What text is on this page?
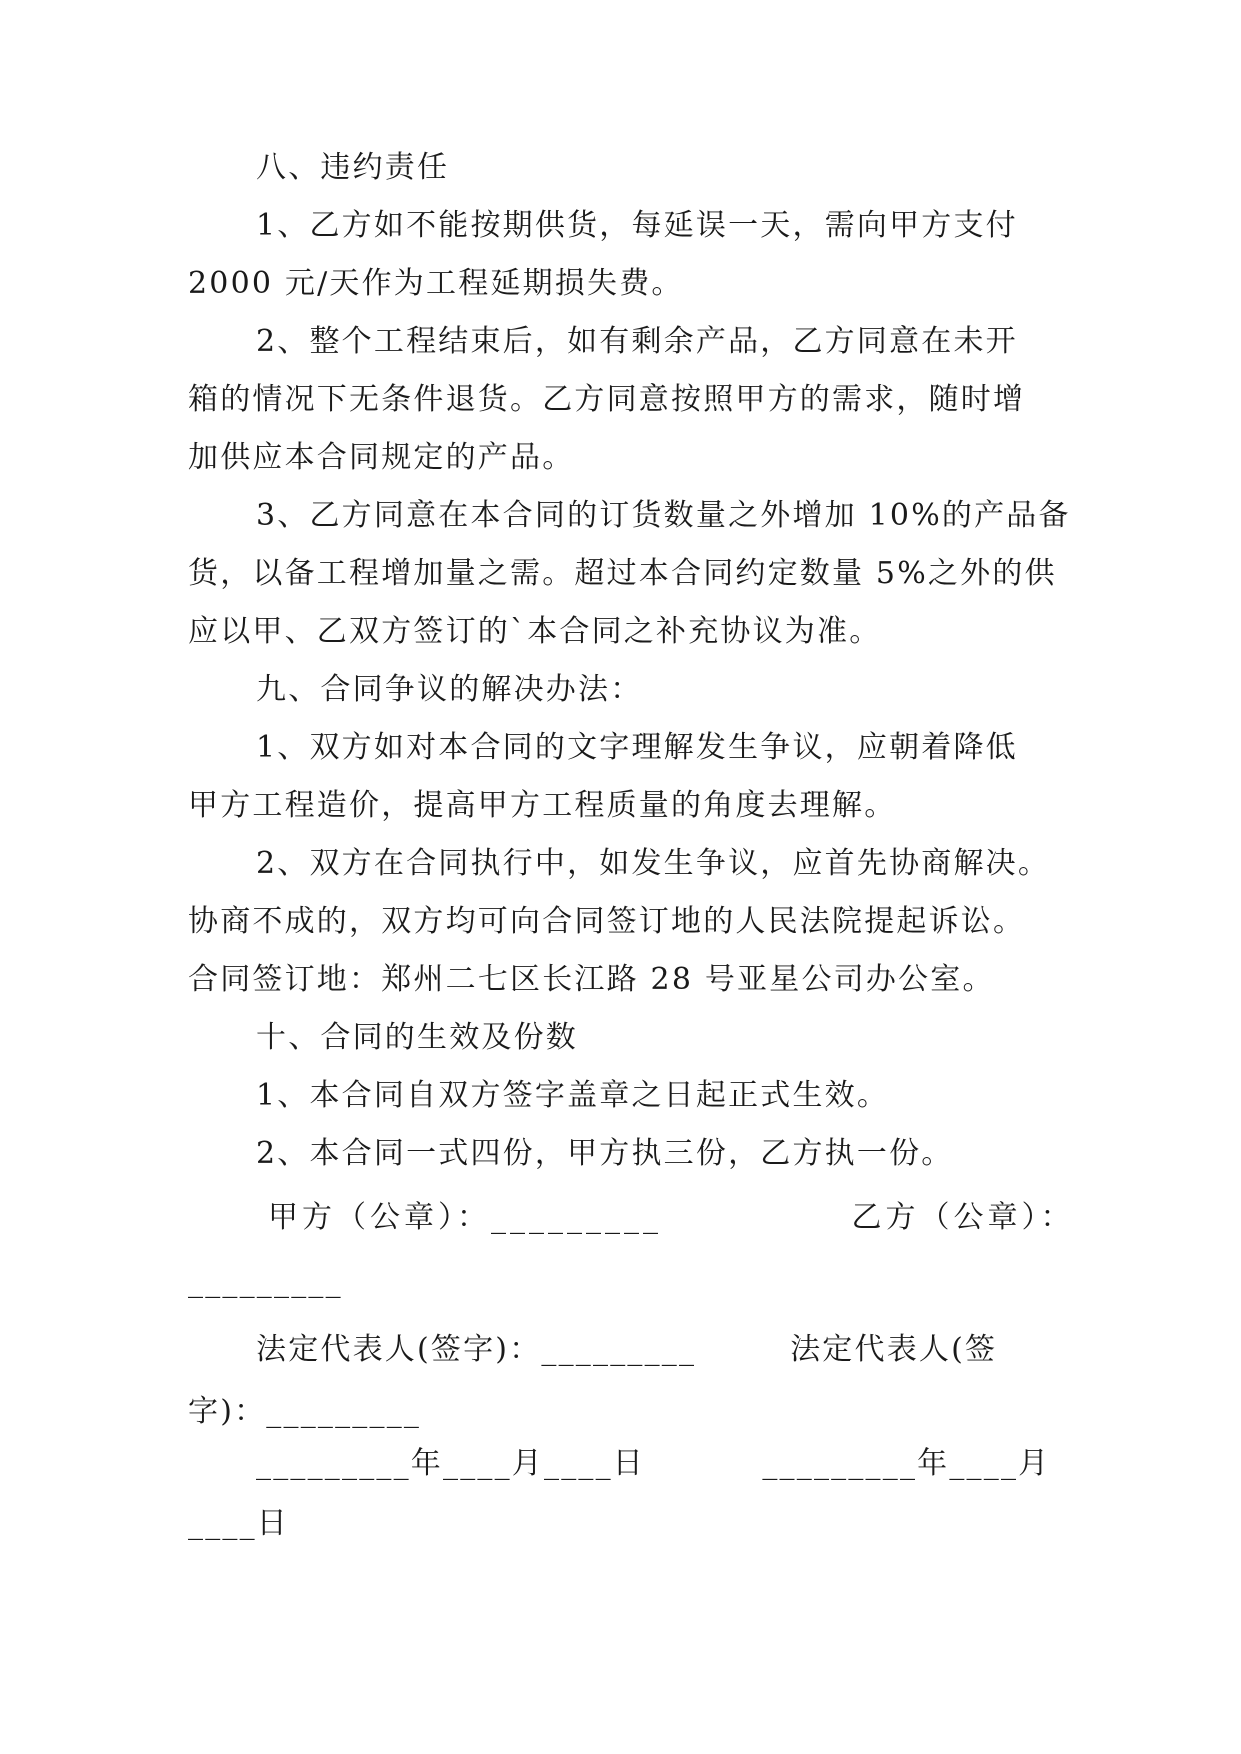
八、违约责任

1、乙方如不能按期供货，每延误一天，需向甲方支付

2000 元/天作为工程延期损失费。

2、整个工程结束后，如有剩余产品，乙方同意在未开

箱的情况下无条件退货。乙方同意按照甲方的需求，随时增

加供应本合同规定的产品。

3、乙方同意在本合同的订货数量之外增加 10%的产品备

货，以备工程增加量之需。超过本合同约定数量 5%之外的供

应以甲、乙双方签订的`本合同之补充协议为准。

九、合同争议的解决办法：

1、双方如对本合同的文字理解发生争议，应朝着降低

甲方工程造价，提高甲方工程质量的角度去理解。

2、双方在合同执行中，如发生争议，应首先协商解决。

协商不成的，双方均可向合同签订地的人民法院提起诉讼。

合同签订地：郑州二七区长江路 28 号亚星公司办公室。

十、合同的生效及份数

1、本合同自双方签字盖章之日起正式生效。

2、本合同一式四份，甲方执三份，乙方执一份。

甲方（公章）：_________              乙方（公章）：

_________

法定代表人(签字)：_________        法定代表人(签

字)：_________

_________年____月____日          _________年____月

____日
